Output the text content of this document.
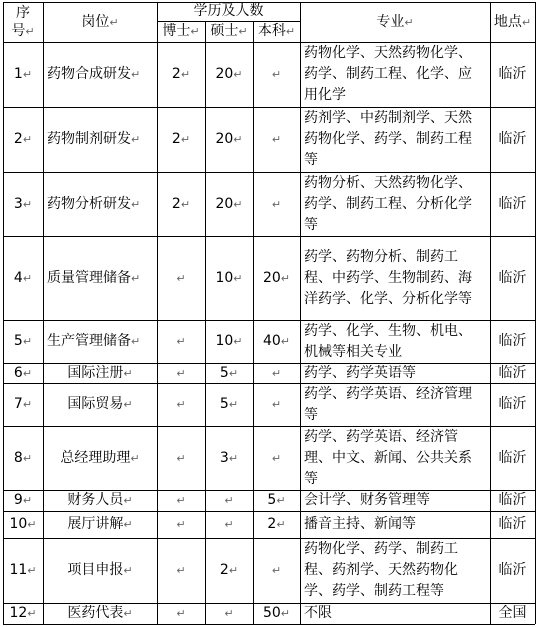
序
号↵
岗位 ↵
学历及人数
博士 ↵ 硕士 ↵ 本科 ↵
专业 ↵	地点 ↵
1 ↵ 药物合成研发 ↵ 2 ↵ 20 ↵	↵
药物化学、天然药物化学、药学、制药工程、化学、应用化学
临沂
2 ↵ 药物制剂研发 ↵ 2 ↵ 20 ↵	↵
药剂学、中药制剂学、天然药物化学、药学、制药工程等
临沂
3 ↵ 药物分析研发 ↵ 2 ↵ 20 ↵	↵
药物分析、天然药物化学、药学、制药工程、分析化学等
临沂
4 ↵ 质量管理储备 ↵	↵ 10 ↵ 20 ↵
药学、药物分析、制药工程、中药学、生物制药、海洋药学、化学、分析化学等
临沂
5 ↵ 生产管理储备 ↵	↵ 10 ↵ 40 ↵
药学、化学、生物、机电、机械等相关专业
临沂
6 ↵	国际注册 ↵	↵ 5 ↵	↵ 药学、药学英语等	临沂
7 ↵	国际贸易 ↵	↵ 5 ↵	↵
药学、药学英语、经济管理等
临沂
8 ↵ 总经理助理 ↵	↵ 3 ↵	↵
药学、药学英语、经济管理、中文、新闻、公共关系等
临沂
9 ↵	财务人员 ↵	↵	↵ 5 ↵ 会计学、财务管理等	临沂
10 ↵ 展厅讲解 ↵	↵	↵ 2 ↵ 播音主持、新闻等	临沂
11 ↵ 项目申报 ↵	↵ 2 ↵	↵
药物化学、药学、制药工程、药剂学、天然药物化学、药学、制药工程等
临沂
12 ↵ 医药代表 ↵	↵	↵ 50 ↵ 不限	全国
